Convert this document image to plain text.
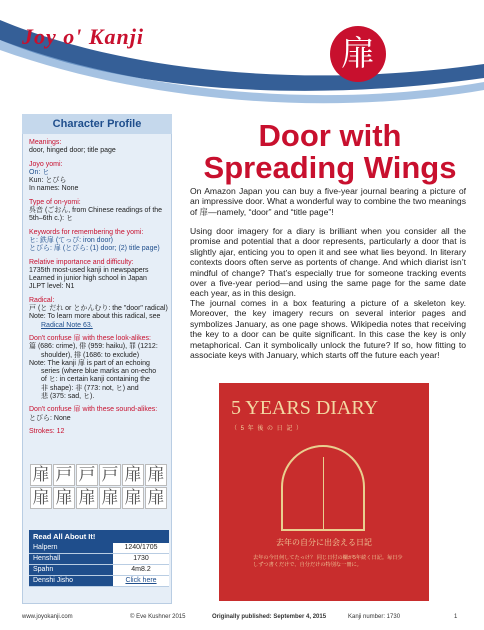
Joy o' Kanji	扉
Character Profile
Meanings:
door, hinged door; title page
Joyo yomi:
On: ヒ
Kun: とびら
In names: None
Type of on-yomi:
呉音 (ごおん, from Chinese readings of the 5th–6th c.): ヒ
Keywords for remembering the yomi:
ヒ: 鉄扉 (てっぴ: iron door)
とびら: 扉 (とびら: (1) door; (2) title page)
Relative importance and difficulty:
1735th most-used kanji in newspapers
Learned in junior high school in Japan
JLPT level: N1
Radical:
戸 (と だれ or とかんむり: the "door" radical)
Note: To learn more about this radical, see
Radical Note 63.
Don't confuse 扉 with these look-alikes:
篇 (686: crime), 俳 (959: haiku), 罪 (1212:
shoulder), 排 (1686: to exclude)
Note: The kanji 扉 is part of an echoing
series (where blue marks an on-echo
of ヒ: in certain kanji containing the
非 shape): 非 (773: not, ヒ) and
悲 (375: sad, ヒ).
Don't confuse 扉 with these sound-alikes:
とびら: None
Strokes: 12
扉 戸 戸 戸 扉 扉
扉 扉 扉 扉 扉 扉
Read All About It!
Halpern	1240/1705
Henshall	1730
Spahn	4m8.2
Denshi Jisho	Click here
Door with
Spreading Wings
On Amazon Japan you can buy a five-year journal bearing a picture of an impressive door. What a wonderful way to combine the two meanings of 扉—namely, “door” and “title page”!
Using door imagery for a diary is brilliant when you consider all the promise and potential that a door represents, particularly a door that is slightly ajar, enticing you to open it and see what lies beyond. In literary contexts doors often serve as portents of change. And which diarist isn’t mindful of change? That’s especially true for someone tracking events over a five-year period—and using the same page for the same date each year, as in this design.
The journal comes in a box featuring a picture of a skeleton key. Moreover, the key imagery recurs on several interior pages and symbolizes January, as one page shows. Wikipedia notes that receiving the key to a door can be quite significant. In this case the key is only metaphorical. Can it symbolically unlock the future? If so, how fitting to associate keys with January, which starts off the future each year!
5 YEARS DIARY
（ 5 年 後 の 日 記 ）
去年の自分に出会える日記
去年の今日何してたっけ？ 同じ日付の欄が5年続く日記。毎日少しずつ書くだけで、自分だけの特別な一冊に。
www.joyokanji.com	© Eve Kushner 2015	Originally published: September 4, 2015	Kanji number: 1730	1
